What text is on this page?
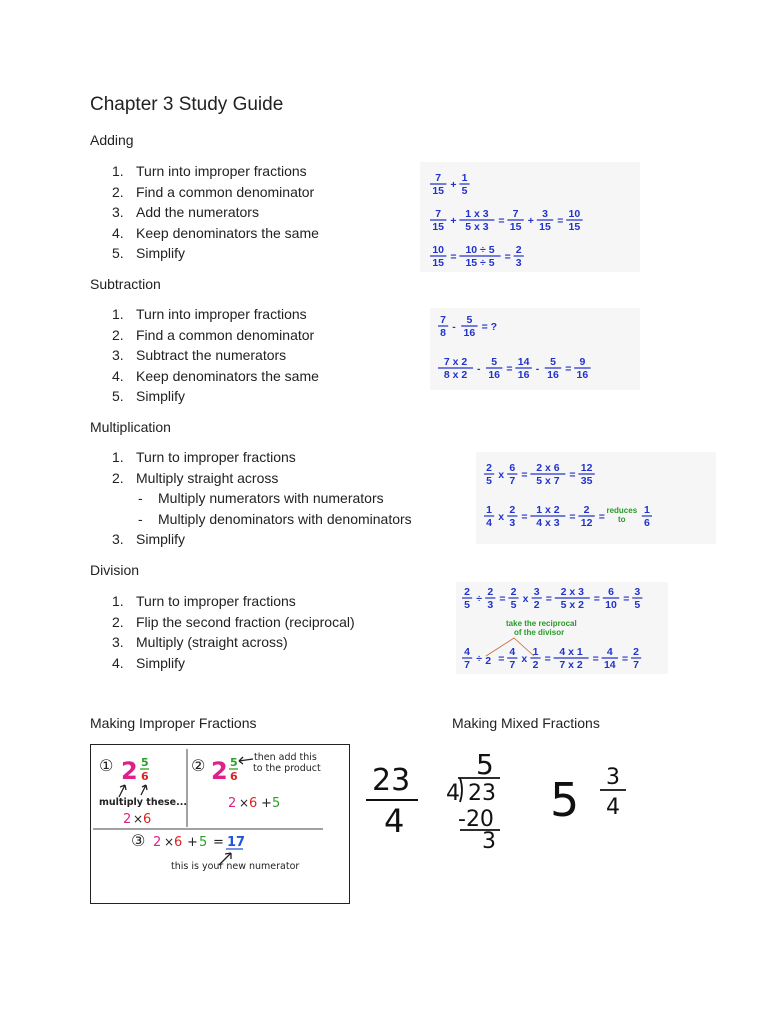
Chapter 3 Study Guide
Adding
1. Turn into improper fractions
2. Find a common denominator
3. Add the numerators
4. Keep denominators the same
5. Simplify
Subtraction
1. Turn into improper fractions
2. Find a common denominator
3. Subtract the numerators
4. Keep denominators the same
5. Simplify
Multiplication
1. Turn to improper fractions
2. Multiply straight across
- Multiply numerators with numerators
- Multiply denominators with denominators
3. Simplify
Division
1. Turn to improper fractions
2. Flip the second fraction (reciprocal)
3. Multiply (straight across)
4. Simplify
7
15 +
1
5
7
15 +
1 x 3
5 x 3 =
7
15 +
3
15 =
10
15
10
15 =
10 ÷ 5
15 ÷ 5 =
2
3
7
8 -
5
16 = ?
7 x 2
8 x 2 -
5
16 =
14
16 -
5
16 =
9
16
2
5 x
6
7 =
2 x 6
5 x 7 =
12
35
1
4 x
2
3 =
1 x 2
4 x 3 =
2
12 =
reduces
to
1
6
2
5 ÷
2
3 =
2
5 x
3
2 =
2 x 3
5 x 2 =
6
10 =
3
5
take the reciprocal
of the divisor
4
7 ÷ 2 =
4
7 x
1
2 =
4 x 1
7 x 2 =
4
14 =
2
7
Making Improper Fractions	Making Mixed Fractions
① 2 5
6
multiply these...
2 × 6
② 2 5
6
then add this
to the product
2 × 6 + 5
③ 2 × 6 + 5 = 17
this is your new numerator
23
4
5
4 23
-20
3
5 3
4
